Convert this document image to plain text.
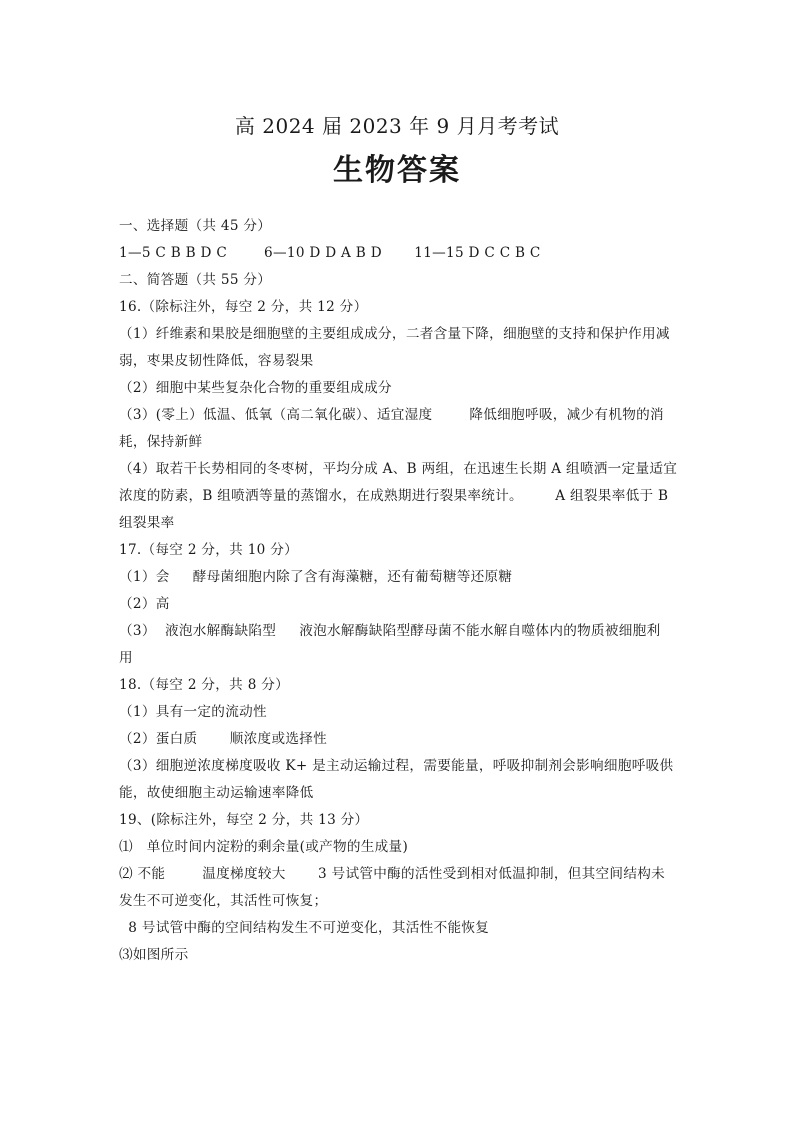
高 2024 届 2023 年 9 月月考考试
生物答案
一、选择题（共 45 分）
1—5 C B B D C        6—10 D D A B D       11—15 D C C B C
二、简答题（共 55 分）
16.（除标注外，每空 2 分，共 12 分）
（1）纤维素和果胶是细胞壁的主要组成成分，二者含量下降，细胞壁的支持和保护作用减
弱，枣果皮韧性降低，容易裂果
（2）细胞中某些复杂化合物的重要组成成分
（3）(零上）低温、低氧（高二氧化碳）、适宜湿度        降低细胞呼吸，减少有机物的消
耗，保持新鲜
（4）取若干长势相同的冬枣树，平均分成 A、B 两组，在迅速生长期 A 组喷洒一定量适宜
浓度的防素，B 组喷洒等量的蒸馏水，在成熟期进行裂果率统计。       A 组裂果率低于 B
组裂果率
17.（每空 2 分，共 10 分）
（1）会     酵母菌细胞内除了含有海藻糖，还有葡萄糖等还原糖
（2）高
（3）  液泡水解酶缺陷型     液泡水解酶缺陷型酵母菌不能水解自噬体内的物质被细胞利
用
18.（每空 2 分，共 8 分）
（1）具有一定的流动性
（2）蛋白质       顺浓度或选择性
（3）细胞逆浓度梯度吸收 K+ 是主动运输过程，需要能量，呼吸抑制剂会影响细胞呼吸供
能，故使细胞主动运输速率降低
19、(除标注外，每空 2 分，共 13 分）
⑴   单位时间内淀粉的剩余量(或产物的生成量)
⑵ 不能        温度梯度较大       3 号试管中酶的活性受到相对低温抑制，但其空间结构未
发生不可逆变化，其活性可恢复；
8 号试管中酶的空间结构发生不可逆变化，其活性不能恢复
⑶如图所示
